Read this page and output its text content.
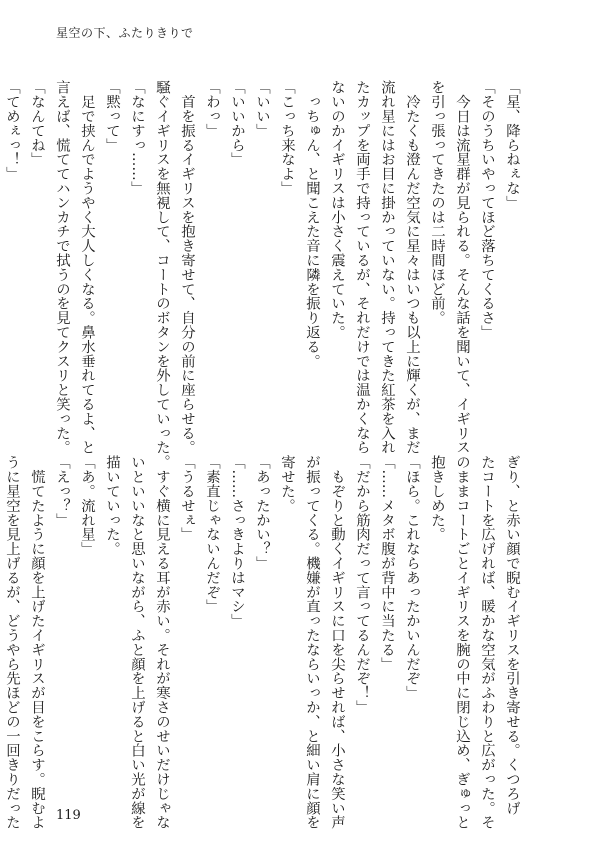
星空の下、ふたりきりで
「星、降らねぇな」
「そのうちいやってほど落ちてくるさ」
　今日は流星群が見られる。そんな話を聞いて、イギリス
を引っ張ってきたのは二時間ほど前。
　冷たくも澄んだ空気に星々はいつも以上に輝くが、まだ
流れ星にはお目に掛かっていない。持ってきた紅茶を入れ
たカップを両手で持っているが、それだけでは温かくなら
ないのかイギリスは小さく震えていた。
　っちゅん、と聞こえた音に隣を振り返る。
「こっち来なよ」
「いい」
「いいから」
「わっ」
　首を振るイギリスを抱き寄せて、自分の前に座らせる。
騒ぐイギリスを無視して、コートのボタンを外していった。
「なにすっ……」
「黙って」
　足で挟んでようやく大人しくなる。鼻水垂れてるよ、と
言えば、慌ててハンカチで拭うのを見てクスリと笑った。
「なんてね」
「てめぇっ！」
ぎり、と赤い顔で睨むイギリスを引き寄せる。くつろげ
たコートを広げれば、暖かな空気がふわりと広がった。そ
のままコートごとイギリスを腕の中に閉じ込め、ぎゅっと
抱きしめた。
「ほら。これならあったかいんだぞ」
「……メタボ腹が背中に当たる」
「だから筋肉だって言ってるんだぞ！」
　もぞりと動くイギリスに口を尖らせれば、小さな笑い声
が振ってくる。機嫌が直ったならいっか、と細い肩に顔を
寄せた。
「あったかい？」
「……さっきよりはマシ」
「素直じゃないんだぞ」
「うるせぇ」
　すぐ横に見える耳が赤い。それが寒さのせいだけじゃな
いといいなと思いながら、ふと顔を上げると白い光が線を
描いていった。
「あ。流れ星」
「えっ？」
　慌てたように顔を上げたイギリスが目をこらす。睨むよ
うに星空を見上げるが、どうやら先ほどの一回きりだった	119
